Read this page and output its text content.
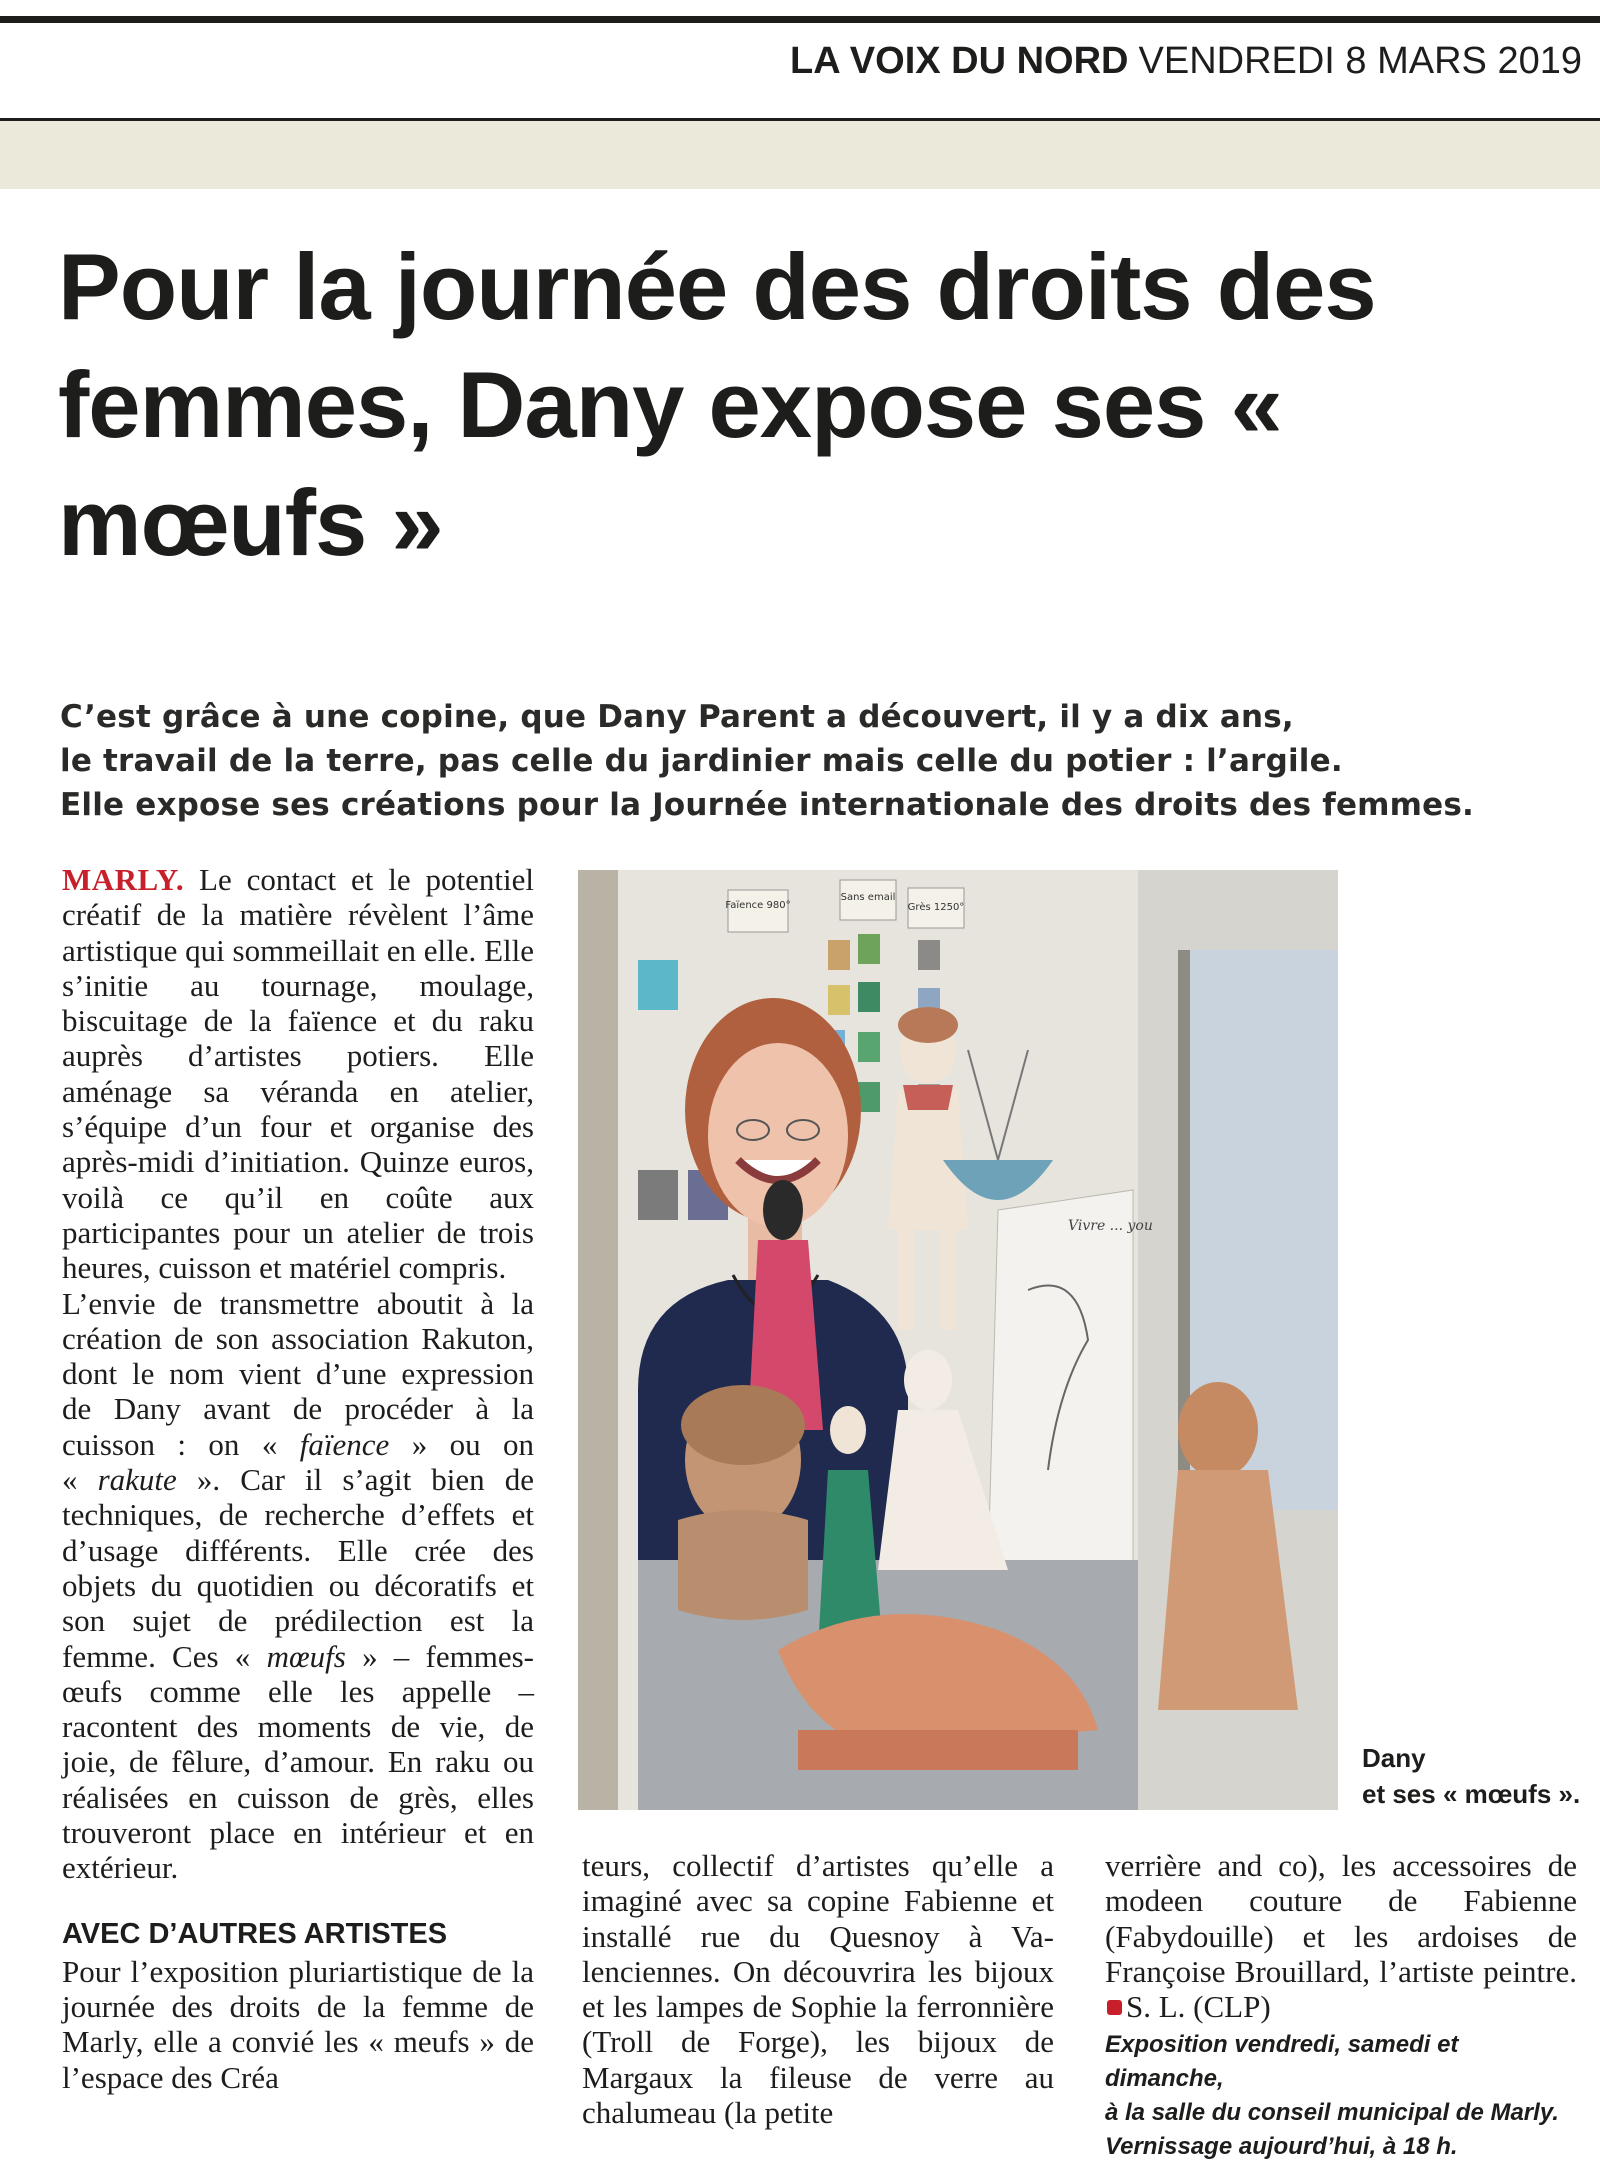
LA VOIX DU NORD VENDREDI 8 MARS 2019
Pour la journée des droits des femmes, Dany expose ses « mœufs »
C’est grâce à une copine, que Dany Parent a découvert, il y a dix ans,
le travail de la terre, pas celle du jardinier mais celle du potier : l’argile.
Elle expose ses créations pour la Journée internationale des droits des femmes.

MARLY. Le contact et le potentiel créatif de la matière révèlent l’âme artistique qui sommeillait en elle. Elle s’initie au tournage, moulage, biscuitage de la faïence et du raku auprès d’artistes potiers. Elle aménage sa véranda en atelier, s’équipe d’un four et organise des après-midi d’initiation. Quinze euros, voilà ce qu’il en coûte aux participantes pour un atelier de trois heures, cuisson et matériel compris.

L’envie de transmettre aboutit à la création de son association Rakuton, dont le nom vient d’une expression de Dany avant de procéder à la cuisson : on « faïence » ou on « rakute ». Car il s’agit bien de techniques, de recherche d’effets et d’usage différents. Elle crée des objets du quotidien ou décoratifs et son sujet de prédilection est la femme. Ces « mœufs » – femmes-œufs comme elle les appelle – racontent des moments de vie, de joie, de fêlure, d’amour. En raku ou réalisées en cuisson de grès, elles trouveront place en intérieur et en extérieur.

AVEC D’AUTRES ARTISTES

Pour l’exposition pluriartistique de la journée des droits de la femme de Marly, elle a convié les « meufs » de l’espace des Créa

Faïence 980°
Sans email
Grès 1250°
Vivre ... you
Dany
et ses « mœufs ».

teurs, collectif d’artistes qu’elle a imaginé avec sa copine Fabienne et installé rue du Quesnoy à Valenciennes. On découvrira les bijoux et les lampes de Sophie la ferronnière (Troll de Forge), les bijoux de Margaux la fileuse de verre au chalumeau (la petite

verrière and co), les accessoires de modeen couture de Fabienne (Fabydouille) et les ardoises de Françoise Brouillard, l’artiste peintre. S. L. (CLP)

Exposition vendredi, samedi et dimanche,
à la salle du conseil municipal de Marly.
Vernissage aujourd’hui, à 18 h.
